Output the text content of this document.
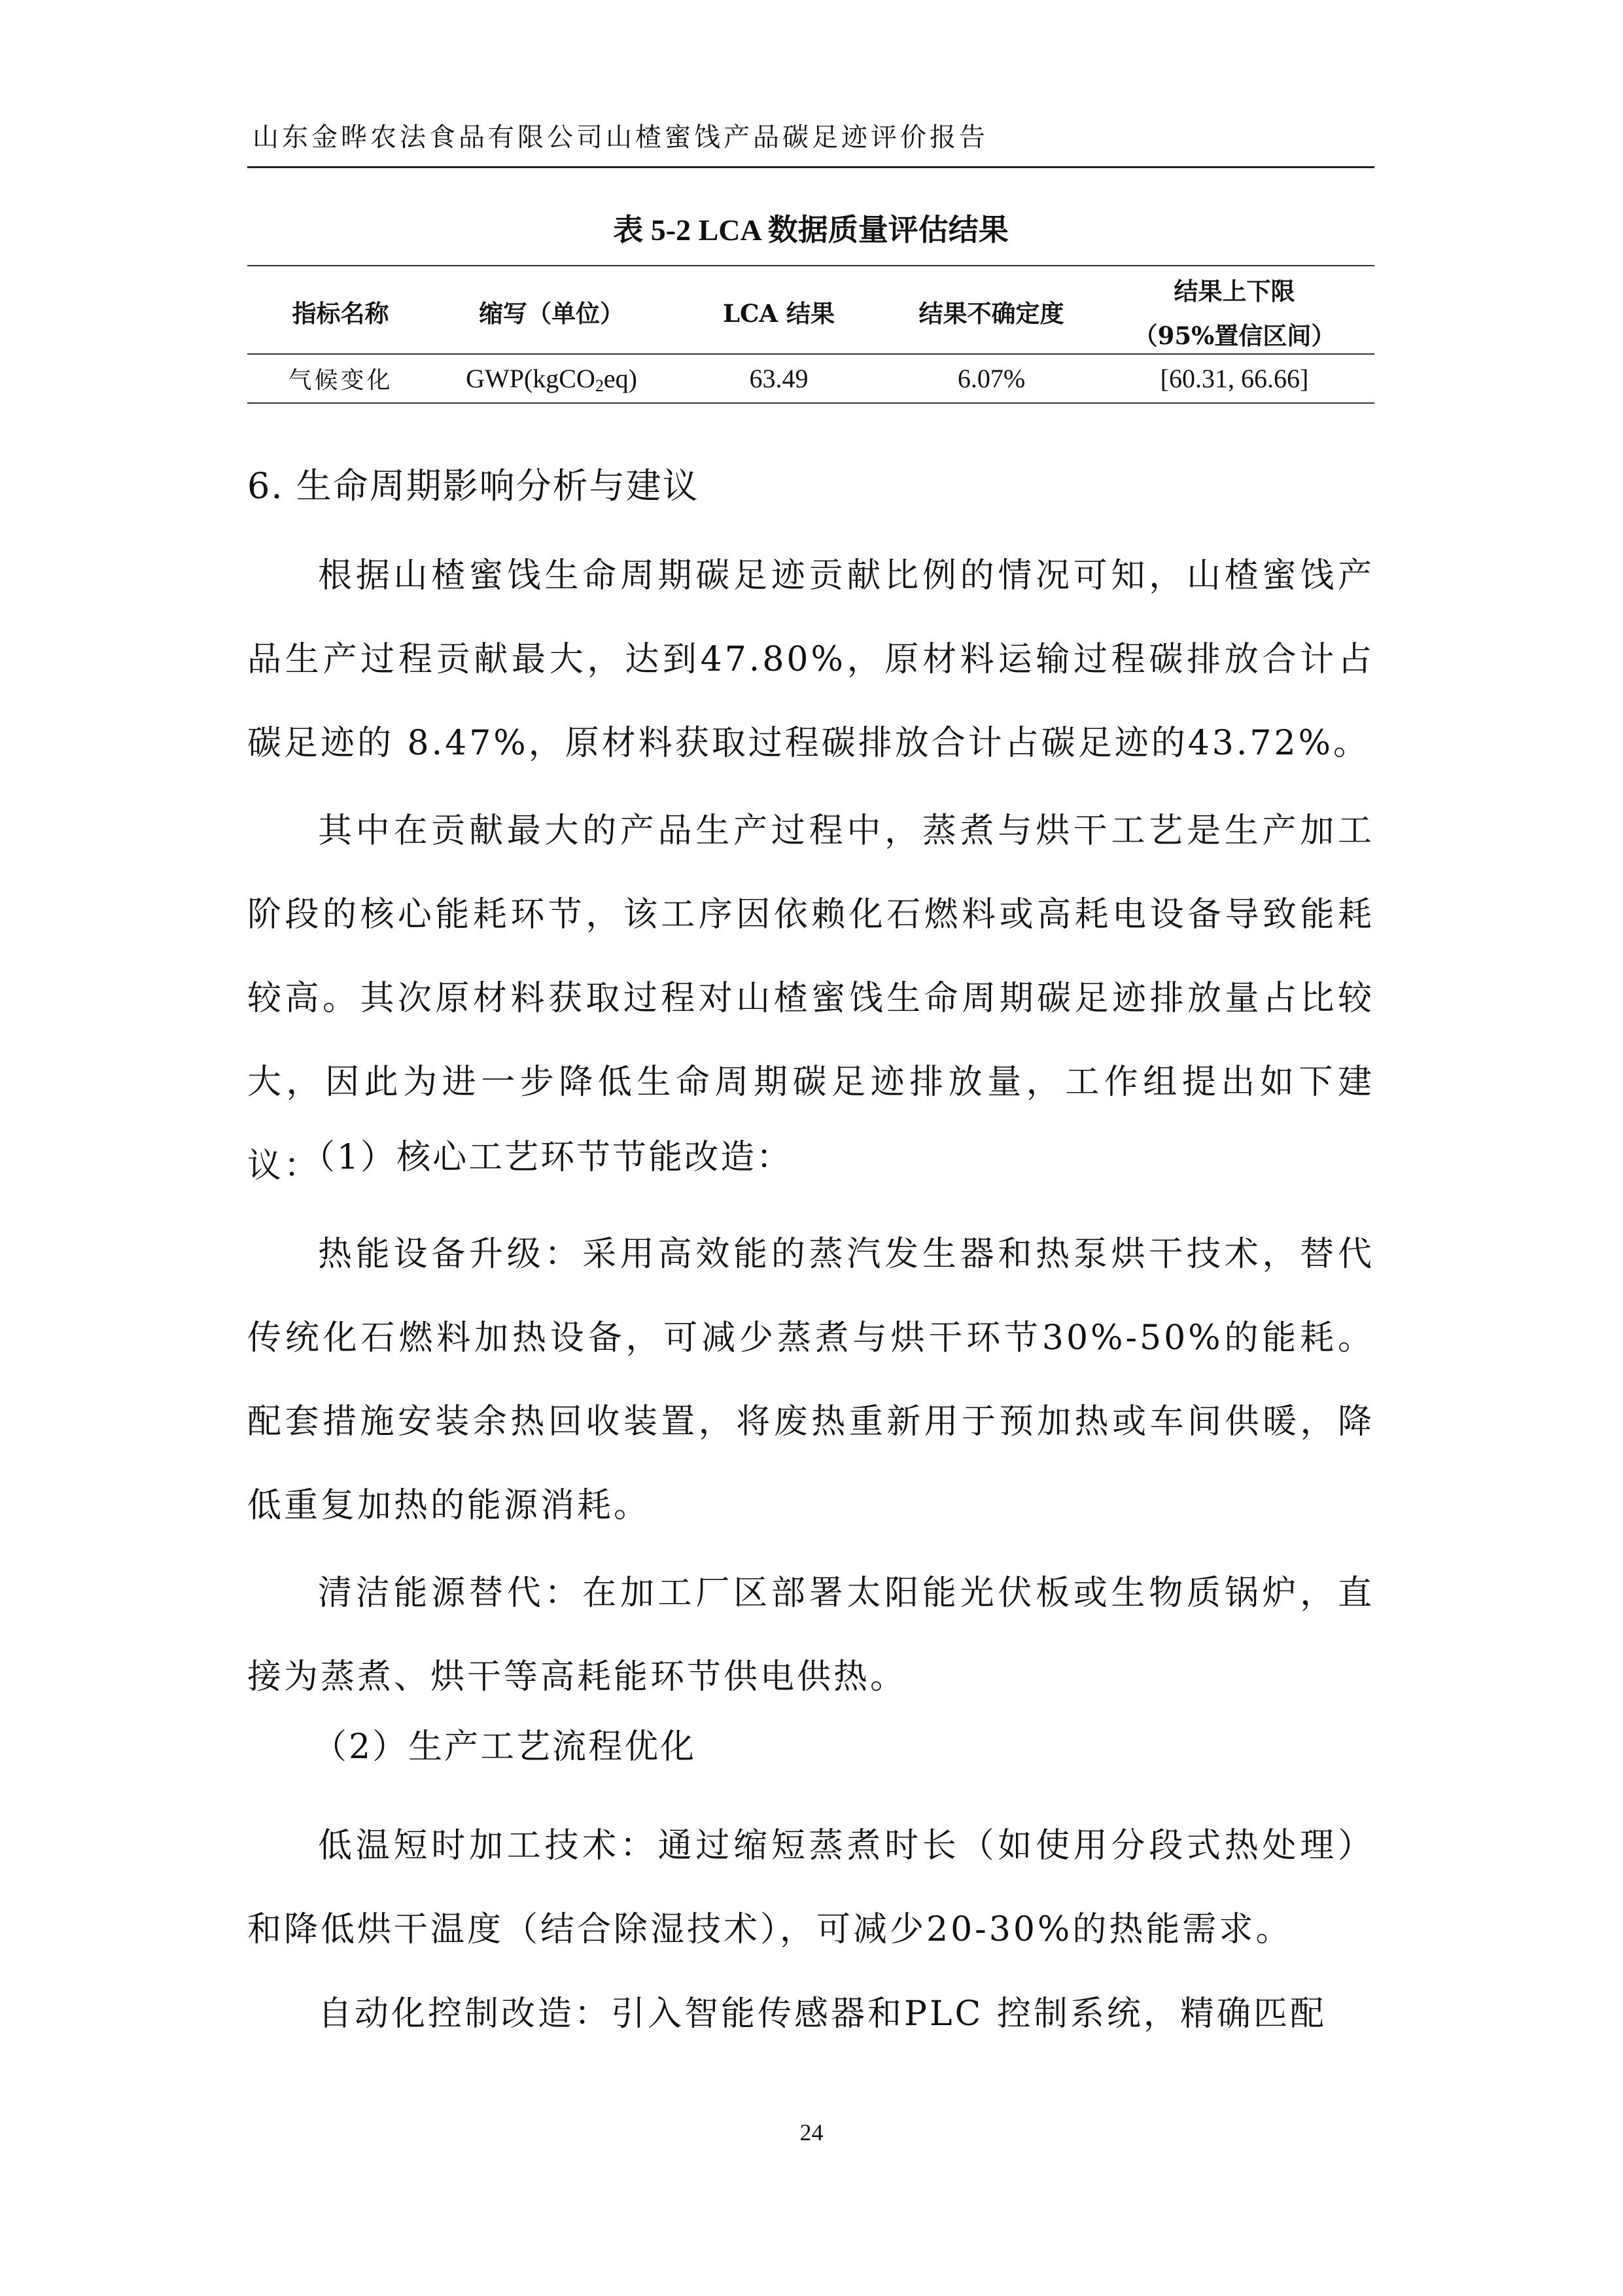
山东金晔农法食品有限公司山楂蜜饯产品碳足迹评价报告
表 5-2 LCA 数据质量评估结果
指标名称	缩写（单位）	LCA 结果	结果不确定度
结果上下限
（95%置信区间）
气候变化	GWP(kgCO2eq)	63.49	6.07%	[60.31, 66.66]
6. 生命周期影响分析与建议
根据山楂蜜饯生命周期碳足迹贡献比例的情况可知，山楂蜜饯产品生产过程贡献最大，达到47.80%，原材料运输过程碳排放合计占碳足迹的 8.47%，原材料获取过程碳排放合计占碳足迹的43.72%。
其中在贡献最大的产品生产过程中，蒸煮与烘干工艺是生产加工阶段的核心能耗环节，该工序因依赖化石燃料或高耗电设备导致能耗较高。其次原材料获取过程对山楂蜜饯生命周期碳足迹排放量占比较大，因此为进一步降低生命周期碳足迹排放量，工作组提出如下建议：
（1）核心工艺环节节能改造：
热能设备升级：采用高效能的蒸汽发生器和热泵烘干技术，替代传统化石燃料加热设备，可减少蒸煮与烘干环节30%-50%的能耗。配套措施安装余热回收装置，将废热重新用于预加热或车间供暖，降低重复加热的能源消耗。
清洁能源替代：在加工厂区部署太阳能光伏板或生物质锅炉，直接为蒸煮、烘干等高耗能环节供电供热。
（2）生产工艺流程优化
低温短时加工技术：通过缩短蒸煮时长（如使用分段式热处理）和降低烘干温度（结合除湿技术），可减少20-30%的热能需求。
自动化控制改造：引入智能传感器和PLC 控制系统，精确匹配
24
